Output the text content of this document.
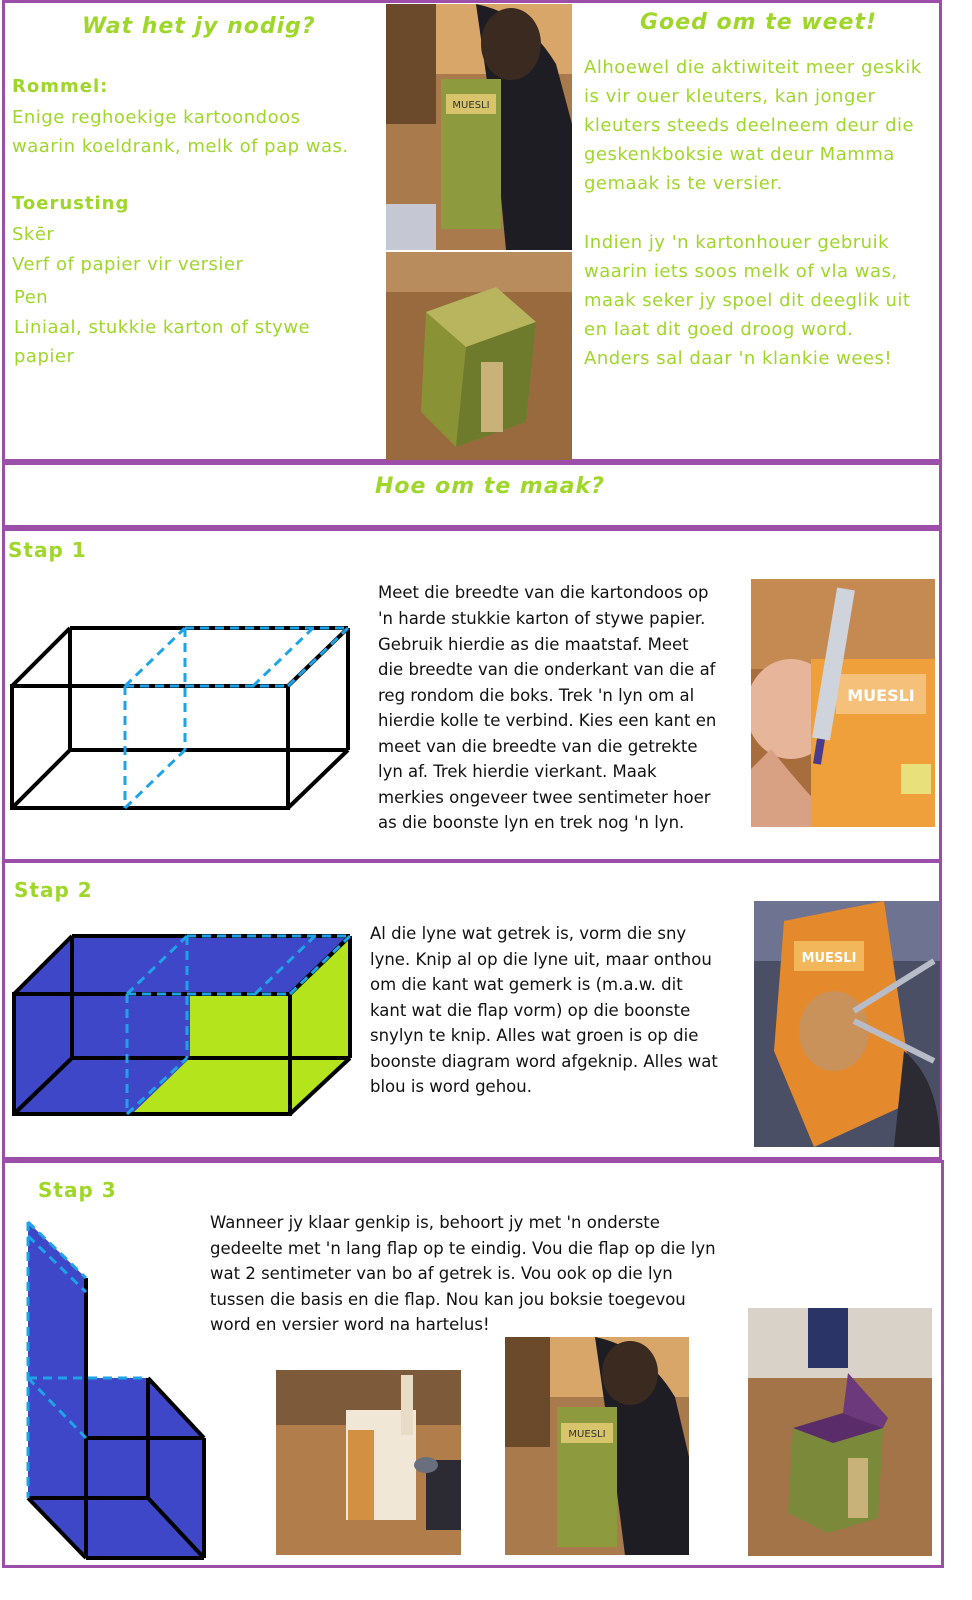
Wat het jy nodig?
Rommel:
Enige reghoekige kartoondoos
waarin koeldrank, melk of pap was.
Toerusting
Skēr
Verf of papier vir versier
Pen
Liniaal, stukkie karton of stywe
papier
MUESLI
Goed om te weet!
Alhoewel die aktiwiteit meer geskik
is vir ouer kleuters, kan jonger
kleuters steeds deelneem deur die
geskenkboksie wat deur Mamma
gemaak is te versier.
Indien jy 'n kartonhouer gebruik
waarin iets soos melk of vla was,
maak seker jy spoel dit deeglik uit
en laat dit goed droog word.
Anders sal daar 'n klankie wees!
Hoe om te maak?
Stap 1
Meet die breedte van die kartondoos op
'n harde stukkie karton of stywe papier.
Gebruik hierdie as die maatstaf. Meet
die breedte van die onderkant van die af
reg rondom die boks. Trek 'n lyn om al
hierdie kolle te verbind. Kies een kant en
meet van die breedte van die getrekte
lyn af. Trek hierdie vierkant. Maak
merkies ongeveer twee sentimeter hoer
as die boonste lyn en trek nog 'n lyn.
MUESLI
Stap 2
Al die lyne wat getrek is, vorm die sny
lyne. Knip al op die lyne uit, maar onthou
om die kant wat gemerk is (m.a.w. dit
kant wat die flap vorm) op die boonste
snylyn te knip. Alles wat groen is op die
boonste diagram word afgeknip. Alles wat
blou is word gehou.
MUESLI
Stap 3
Wanneer jy klaar genkip is, behoort jy met 'n onderste
gedeelte met 'n lang flap op te eindig. Vou die flap op die lyn
wat 2 sentimeter van bo af getrek is. Vou ook op die lyn
tussen die basis en die flap. Nou kan jou boksie toegevou
word en versier word na hartelus!
MUESLI
